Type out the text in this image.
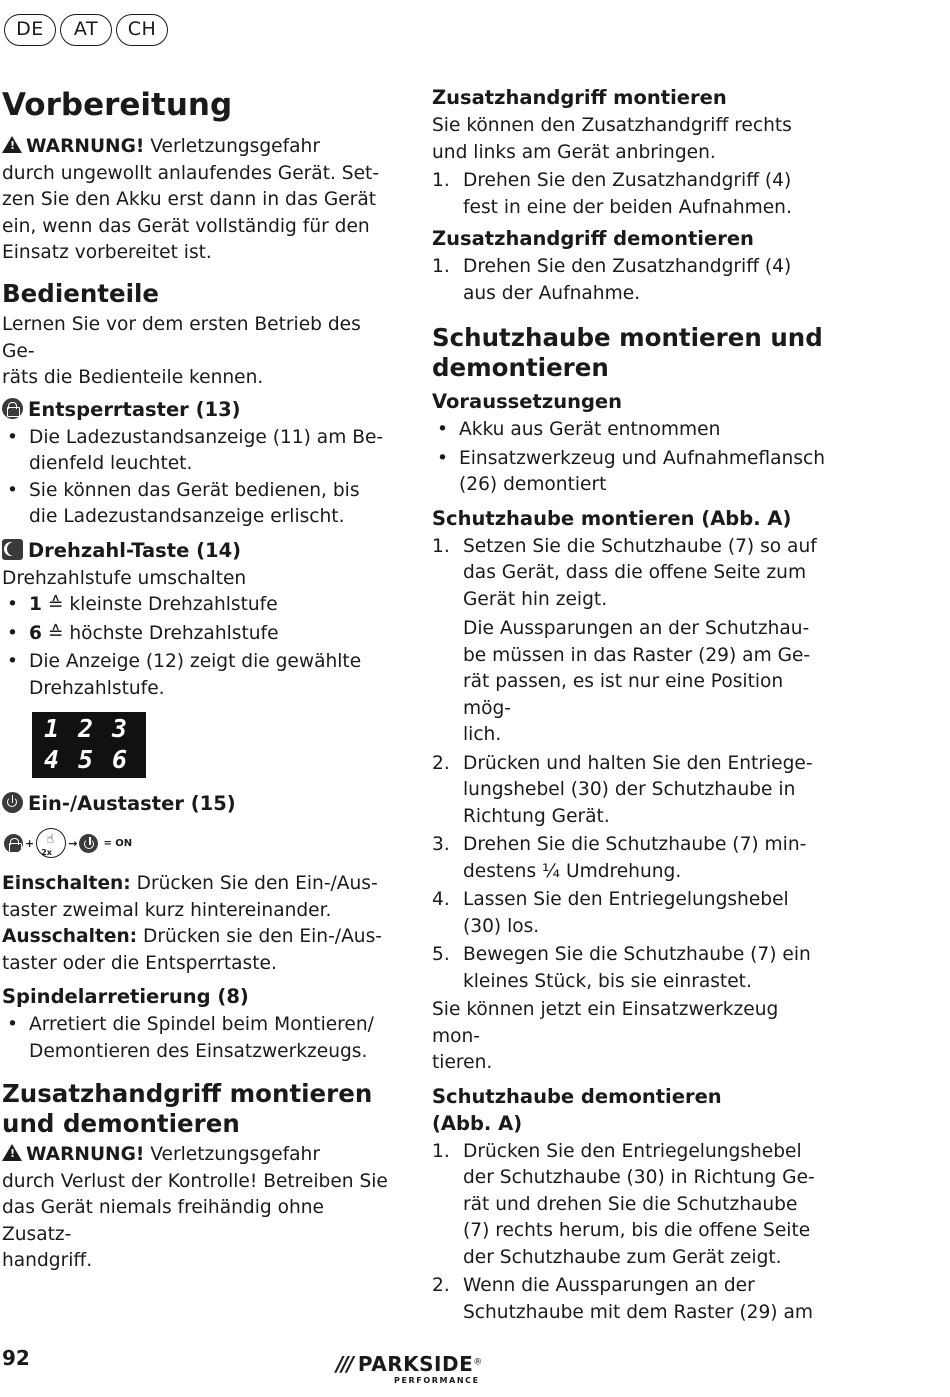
DE	AT	CH
Vorbereitung
!WARNUNG! Verletzungsgefahr
durch ungewollt anlaufendes Gerät. Set-
zen Sie den Akku erst dann in das Gerät
ein, wenn das Gerät vollständig für den
Einsatz vorbereitet ist.
Bedienteile
Lernen Sie vor dem ersten Betrieb des Ge-
räts die Bedienteile kennen.
Entsperrtaster (13)
• Die Ladezustandsanzeige (11) am Be-
dienfeld leuchtet.
• Sie können das Gerät bedienen, bis
die Ladezustandsanzeige erlischt.
Drehzahl-Taste (14)
Drehzahlstufe umschalten
• 1 ≙ kleinste Drehzahlstufe
• 6 ≙ höchste Drehzahlstufe
• Die Anzeige (12) zeigt die gewählte
Drehzahlstufe.
1 2 3
4 5 6
Ein-/Austaster (15)
+ ☝
2x
→	= ON
Einschalten: Drücken Sie den Ein-/Aus-
taster zweimal kurz hintereinander.
Ausschalten: Drücken sie den Ein-/Aus-
taster oder die Entsperrtaste.
Spindelarretierung (8)
• Arretiert die Spindel beim Montieren/
Demontieren des Einsatzwerkzeugs.
Zusatzhandgriff montieren
und demontieren
!WARNUNG! Verletzungsgefahr
durch Verlust der Kontrolle! Betreiben Sie
das Gerät niemals freihändig ohne Zusatz-
handgriff.
Zusatzhandgriff montieren
Sie können den Zusatzhandgriff rechts
und links am Gerät anbringen.
1. Drehen Sie den Zusatzhandgriff (4)
fest in eine der beiden Aufnahmen.
Zusatzhandgriff demontieren
1. Drehen Sie den Zusatzhandgriff (4)
aus der Aufnahme.
Schutzhaube montieren und
demontieren
Voraussetzungen
• Akku aus Gerät entnommen
• Einsatzwerkzeug und Aufnahmeflansch
(26) demontiert
Schutzhaube montieren (Abb. A)
1. Setzen Sie die Schutzhaube (7) so auf
das Gerät, dass die offene Seite zum
Gerät hin zeigt.
Die Aussparungen an der Schutzhau-
be müssen in das Raster (29) am Ge-
rät passen, es ist nur eine Position mög-
lich.
2. Drücken und halten Sie den Entriege-
lungshebel (30) der Schutzhaube in
Richtung Gerät.
3. Drehen Sie die Schutzhaube (7) min-
destens ¼ Umdrehung.
4. Lassen Sie den Entriegelungshebel
(30) los.
5. Bewegen Sie die Schutzhaube (7) ein
kleines Stück, bis sie einrastet.
Sie können jetzt ein Einsatzwerkzeug mon-
tieren.
Schutzhaube demontieren
(Abb. A)
1. Drücken Sie den Entriegelungshebel
der Schutzhaube (30) in Richtung Ge-
rät und drehen Sie die Schutzhaube
(7) rechts herum, bis die offene Seite
der Schutzhaube zum Gerät zeigt.
2. Wenn die Aussparungen an der
Schutzhaube mit dem Raster (29) am
92	/// PARKSIDE®
PERFORMANCE
